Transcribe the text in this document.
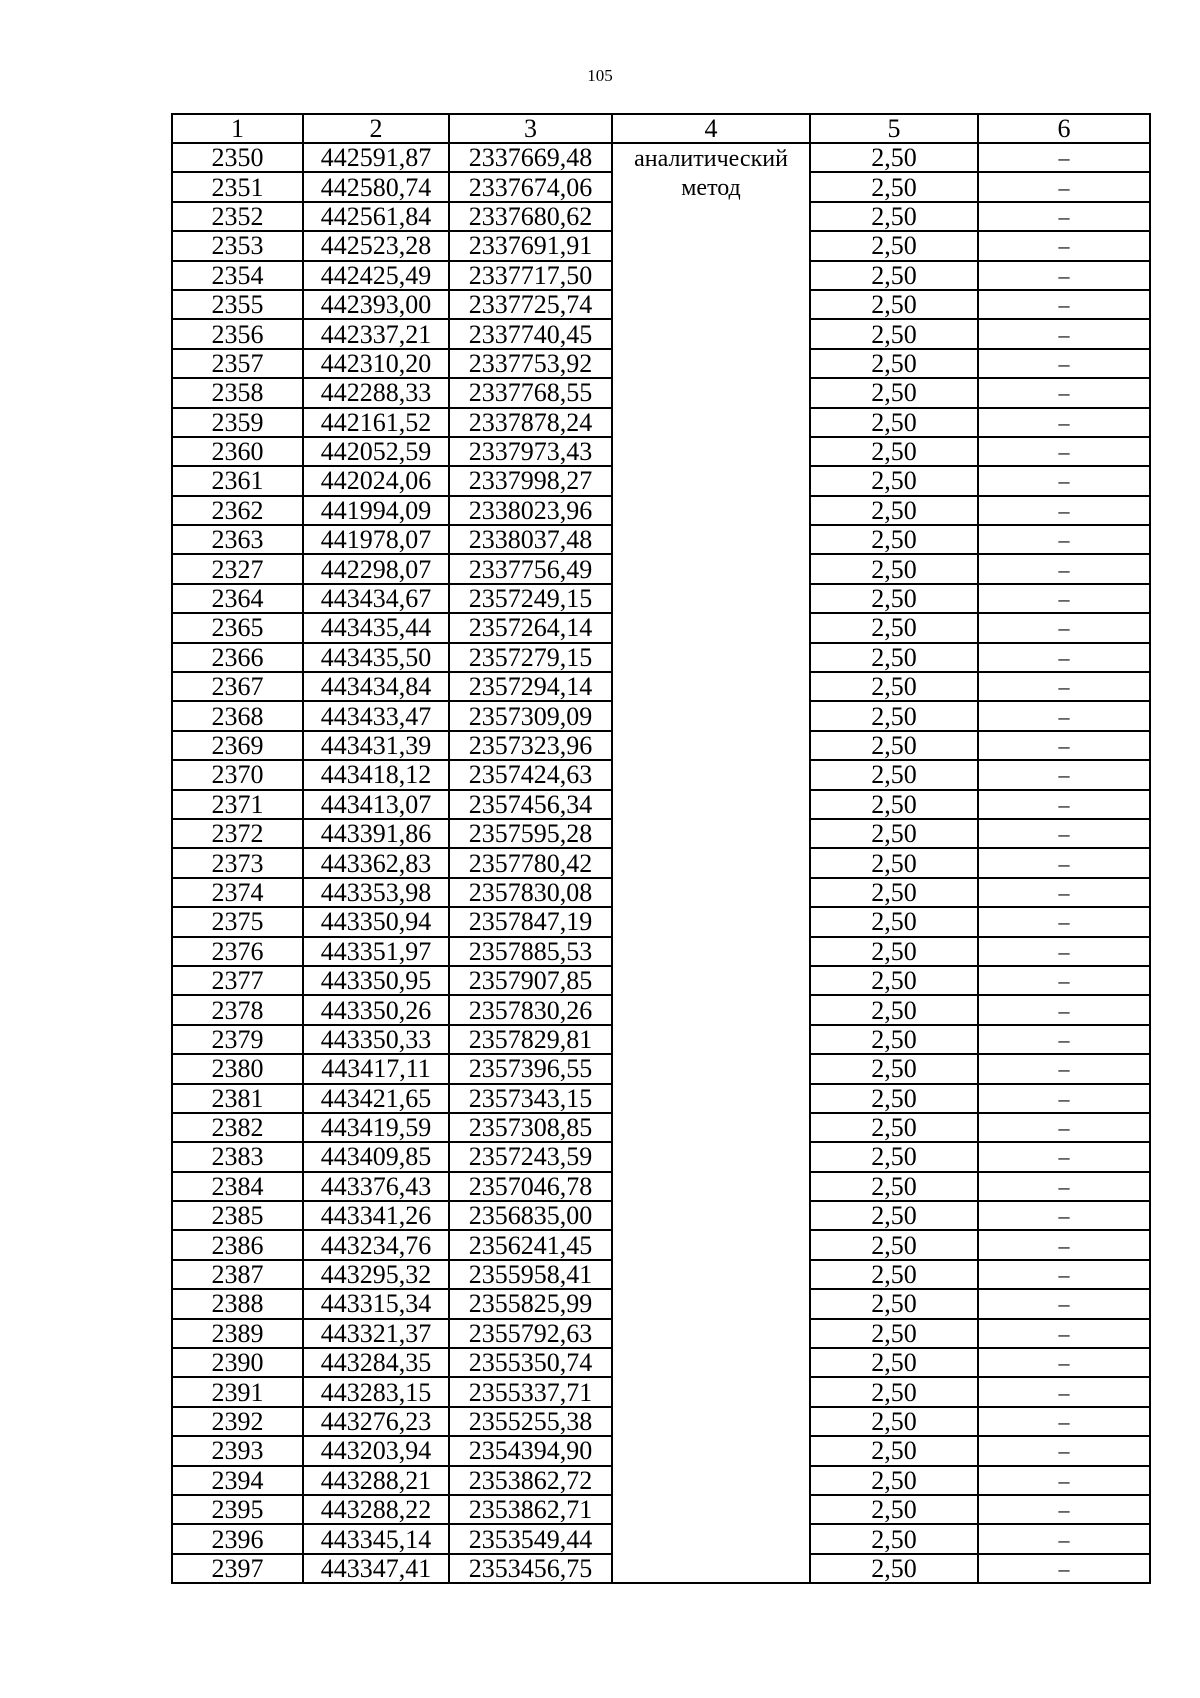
105
1	2	3	4	5	6
2350	442591,87	2337669,48	аналитический метод	2,50	–
2351	442580,74	2337674,06		2,50	–
2352	442561,84	2337680,62		2,50	–
2353	442523,28	2337691,91		2,50	–
2354	442425,49	2337717,50		2,50	–
2355	442393,00	2337725,74		2,50	–
2356	442337,21	2337740,45		2,50	–
2357	442310,20	2337753,92		2,50	–
2358	442288,33	2337768,55		2,50	–
2359	442161,52	2337878,24		2,50	–
2360	442052,59	2337973,43		2,50	–
2361	442024,06	2337998,27		2,50	–
2362	441994,09	2338023,96		2,50	–
2363	441978,07	2338037,48		2,50	–
2327	442298,07	2337756,49		2,50	–
2364	443434,67	2357249,15		2,50	–
2365	443435,44	2357264,14		2,50	–
2366	443435,50	2357279,15		2,50	–
2367	443434,84	2357294,14		2,50	–
2368	443433,47	2357309,09		2,50	–
2369	443431,39	2357323,96		2,50	–
2370	443418,12	2357424,63		2,50	–
2371	443413,07	2357456,34		2,50	–
2372	443391,86	2357595,28		2,50	–
2373	443362,83	2357780,42		2,50	–
2374	443353,98	2357830,08		2,50	–
2375	443350,94	2357847,19		2,50	–
2376	443351,97	2357885,53		2,50	–
2377	443350,95	2357907,85		2,50	–
2378	443350,26	2357830,26		2,50	–
2379	443350,33	2357829,81		2,50	–
2380	443417,11	2357396,55		2,50	–
2381	443421,65	2357343,15		2,50	–
2382	443419,59	2357308,85		2,50	–
2383	443409,85	2357243,59		2,50	–
2384	443376,43	2357046,78		2,50	–
2385	443341,26	2356835,00		2,50	–
2386	443234,76	2356241,45		2,50	–
2387	443295,32	2355958,41		2,50	–
2388	443315,34	2355825,99		2,50	–
2389	443321,37	2355792,63		2,50	–
2390	443284,35	2355350,74		2,50	–
2391	443283,15	2355337,71		2,50	–
2392	443276,23	2355255,38		2,50	–
2393	443203,94	2354394,90		2,50	–
2394	443288,21	2353862,72		2,50	–
2395	443288,22	2353862,71		2,50	–
2396	443345,14	2353549,44		2,50	–
2397	443347,41	2353456,75		2,50	–
